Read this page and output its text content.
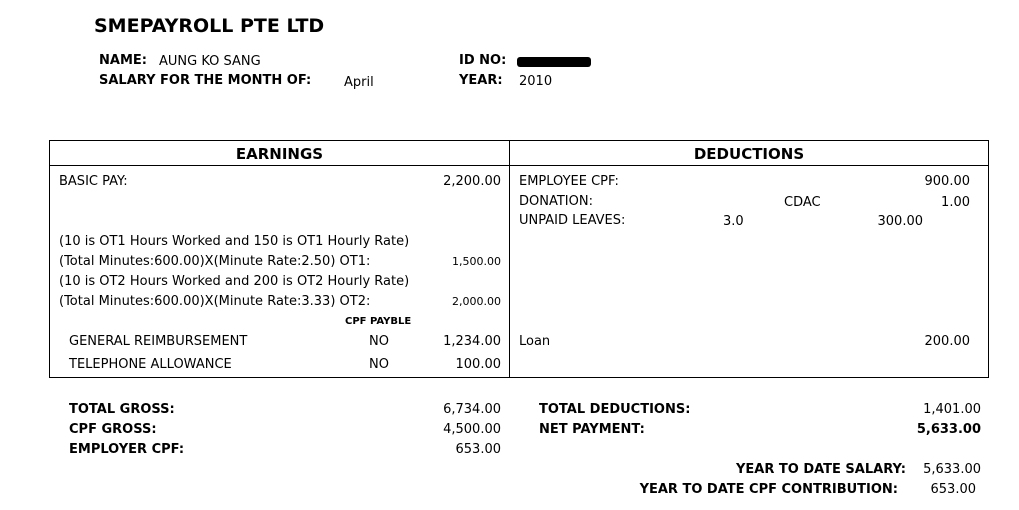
SMEPAYROLL PTE LTD
NAME: AUNG KO SANG	ID NO:
SALARY FOR THE MONTH OF:	April	YEAR: 2010
EARNINGS	DEDUCTIONS
BASIC PAY:	2,200.00
(10 is OT1 Hours Worked and 150 is OT1 Hourly Rate)
(Total Minutes:600.00)X(Minute Rate:2.50) OT1:	1,500.00
(10 is OT2 Hours Worked and 200 is OT2 Hourly Rate)
(Total Minutes:600.00)X(Minute Rate:3.33) OT2:	2,000.00
CPF PAYBLE
GENERAL REIMBURSEMENT	NO	1,234.00
TELEPHONE ALLOWANCE	NO	100.00
EMPLOYEE CPF:	900.00
DONATION:	CDAC	1.00
UNPAID LEAVES:	3.0	300.00
Loan	200.00
TOTAL GROSS:	6,734.00
CPF GROSS:	4,500.00
EMPLOYER CPF:	653.00
TOTAL DEDUCTIONS:	1,401.00
NET PAYMENT:	5,633.00
YEAR TO DATE SALARY:	5,633.00
YEAR TO DATE CPF CONTRIBUTION:	653.00
